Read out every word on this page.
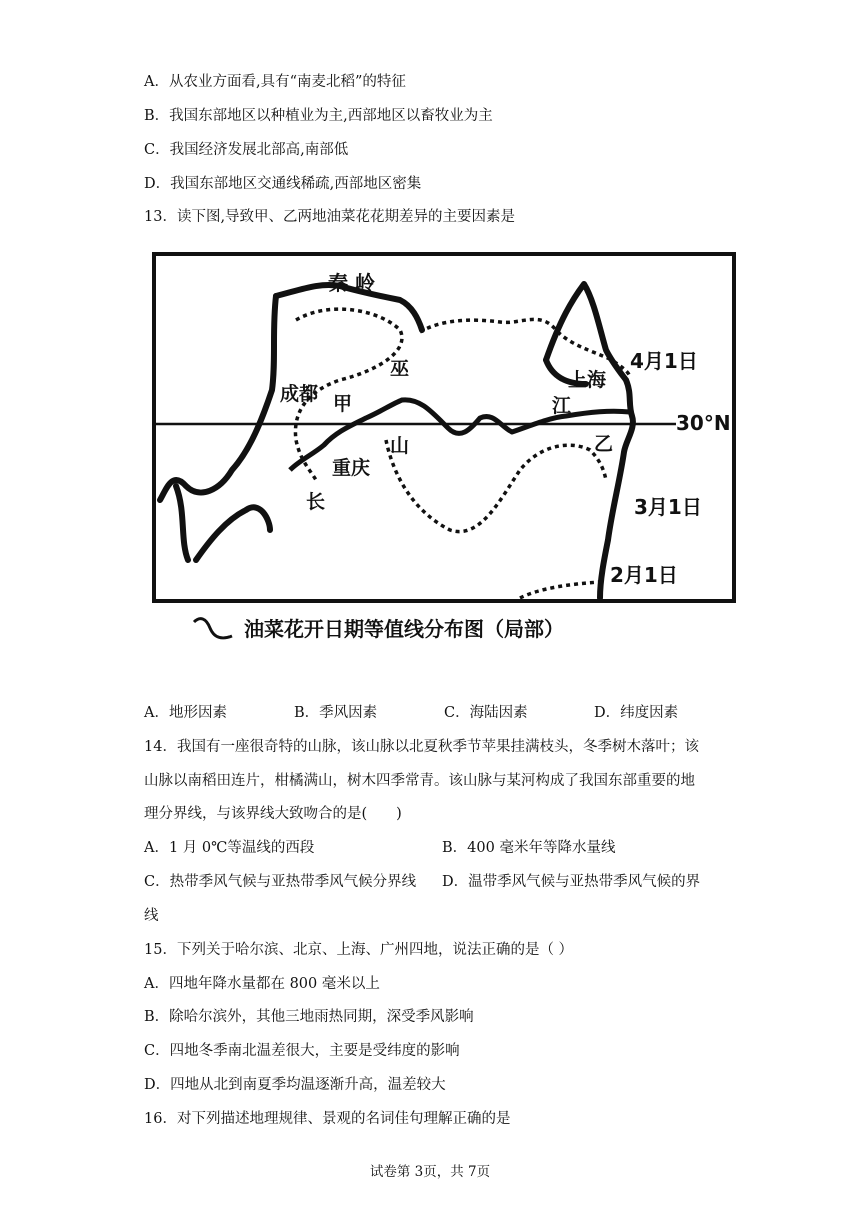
A．从农业方面看,具有“南麦北稻”的特征
B．我国东部地区以种植业为主,西部地区以畜牧业为主
C．我国经济发展北部高,南部低
D．我国东部地区交通线稀疏,西部地区密集
13．读下图,导致甲、乙两地油菜花花期差异的主要因素是
秦 岭
成都 甲
巫
山
重庆
长
江
上海
乙
30°N
4月1日
3月1日
2月1日
油菜花开日期等值线分布图（局部）
A．地形因素	B．季风因素	C．海陆因素	D．纬度因素
14．我国有一座很奇特的山脉，该山脉以北夏秋季节苹果挂满枝头，冬季树木落叶；该
山脉以南稻田连片，柑橘满山，树木四季常青。该山脉与某河构成了我国东部重要的地
理分界线，与该界线大致吻合的是(　　)
A．1 月 0℃等温线的西段	B．400 毫米年等降水量线
C．热带季风气候与亚热带季风气候分界线 D．温带季风气候与亚热带季风气候的界
线
15．下列关于哈尔滨、北京、上海、广州四地，说法正确的是（ ）
A．四地年降水量都在 800 毫米以上
B．除哈尔滨外，其他三地雨热同期，深受季风影响
C．四地冬季南北温差很大，主要是受纬度的影响
D．四地从北到南夏季均温逐渐升高，温差较大
16．对下列描述地理规律、景观的名词佳句理解正确的是
试卷第 3页，共 7页
